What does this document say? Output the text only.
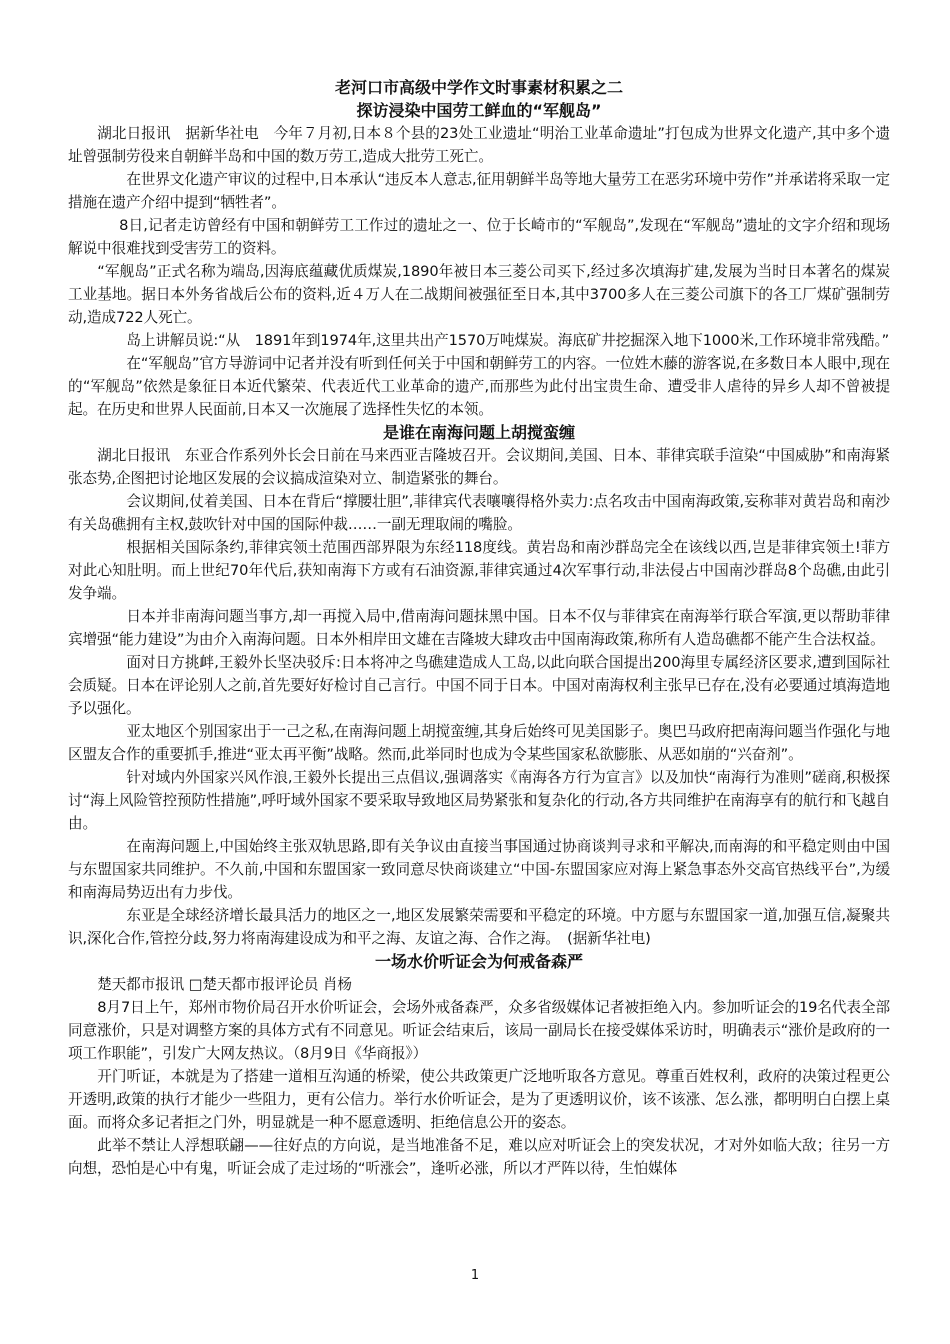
老河口市高级中学作文时事素材积累之二

探访浸染中国劳工鲜血的“军舰岛”

湖北日报讯　据新华社电　今年７月初,日本８个县的23处工业遗址“明治工业革命遗址”打包成为世界文化遗产,其中多个遗址曾强制劳役来自朝鲜半岛和中国的数万劳工,造成大批劳工死亡。

在世界文化遗产审议的过程中,日本承认“违反本人意志,征用朝鲜半岛等地大量劳工在恶劣环境中劳作”并承诺将采取一定措施在遗产介绍中提到“牺牲者”。

8日,记者走访曾经有中国和朝鲜劳工工作过的遗址之一、位于长崎市的“军舰岛”,发现在“军舰岛”遗址的文字介绍和现场解说中很难找到受害劳工的资料。

“军舰岛”正式名称为端岛,因海底蕴藏优质煤炭,1890年被日本三菱公司买下,经过多次填海扩建,发展为当时日本著名的煤炭工业基地。据日本外务省战后公布的资料,近４万人在二战期间被强征至日本,其中3700多人在三菱公司旗下的各工厂煤矿强制劳动,造成722人死亡。

岛上讲解员说:“从　1891年到1974年,这里共出产1570万吨煤炭。海底矿井挖掘深入地下1000米,工作环境非常残酷。”

在“军舰岛”官方导游词中记者并没有听到任何关于中国和朝鲜劳工的内容。一位姓木藤的游客说,在多数日本人眼中,现在的“军舰岛”依然是象征日本近代繁荣、代表近代工业革命的遗产,而那些为此付出宝贵生命、遭受非人虐待的异乡人却不曾被提起。在历史和世界人民面前,日本又一次施展了选择性失忆的本领。

是谁在南海问题上胡搅蛮缠

湖北日报讯　东亚合作系列外长会日前在马来西亚吉隆坡召开。会议期间,美国、日本、菲律宾联手渲染“中国威胁”和南海紧张态势,企图把讨论地区发展的会议搞成渲染对立、制造紧张的舞台。

会议期间,仗着美国、日本在背后“撑腰壮胆”,菲律宾代表嚷嚷得格外卖力:点名攻击中国南海政策,妄称菲对黄岩岛和南沙有关岛礁拥有主权,鼓吹针对中国的国际仲裁……一副无理取闹的嘴脸。

根据相关国际条约,菲律宾领土范围西部界限为东经118度线。黄岩岛和南沙群岛完全在该线以西,岂是菲律宾领土!菲方对此心知肚明。而上世纪70年代后,获知南海下方或有石油资源,菲律宾通过4次军事行动,非法侵占中国南沙群岛8个岛礁,由此引发争端。

日本并非南海问题当事方,却一再搅入局中,借南海问题抹黑中国。日本不仅与菲律宾在南海举行联合军演,更以帮助菲律宾增强“能力建设”为由介入南海问题。日本外相岸田文雄在吉隆坡大肆攻击中国南海政策,称所有人造岛礁都不能产生合法权益。

面对日方挑衅,王毅外长坚决驳斥:日本将冲之鸟礁建造成人工岛,以此向联合国提出200海里专属经济区要求,遭到国际社会质疑。日本在评论别人之前,首先要好好检讨自己言行。中国不同于日本。中国对南海权利主张早已存在,没有必要通过填海造地予以强化。

亚太地区个别国家出于一己之私,在南海问题上胡搅蛮缠,其身后始终可见美国影子。奥巴马政府把南海问题当作强化与地区盟友合作的重要抓手,推进“亚太再平衡”战略。然而,此举同时也成为令某些国家私欲膨胀、从恶如崩的“兴奋剂”。

针对域内外国家兴风作浪,王毅外长提出三点倡议,强调落实《南海各方行为宣言》以及加快“南海行为准则”磋商,积极探讨“海上风险管控预防性措施”,呼吁域外国家不要采取导致地区局势紧张和复杂化的行动,各方共同维护在南海享有的航行和飞越自由。

在南海问题上,中国始终主张双轨思路,即有关争议由直接当事国通过协商谈判寻求和平解决,而南海的和平稳定则由中国与东盟国家共同维护。不久前,中国和东盟国家一致同意尽快商谈建立“中国-东盟国家应对海上紧急事态外交高官热线平台”,为缓和南海局势迈出有力步伐。

东亚是全球经济增长最具活力的地区之一,地区发展繁荣需要和平稳定的环境。中方愿与东盟国家一道,加强互信,凝聚共识,深化合作,管控分歧,努力将南海建设成为和平之海、友谊之海、合作之海。　(据新华社电)

一场水价听证会为何戒备森严

楚天都市报讯 □楚天都市报评论员 肖杨

8月7日上午，郑州市物价局召开水价听证会，会场外戒备森严，众多省级媒体记者被拒绝入内。参加听证会的19名代表全部同意涨价，只是对调整方案的具体方式有不同意见。听证会结束后，该局一副局长在接受媒体采访时，明确表示“涨价是政府的一项工作职能”，引发广大网友热议。（8月9日《华商报》）

开门听证，本就是为了搭建一道相互沟通的桥梁，使公共政策更广泛地听取各方意见。尊重百姓权利，政府的决策过程更公开透明,政策的执行才能少一些阻力，更有公信力。举行水价听证会，是为了更透明议价，该不该涨、怎么涨，都明明白白摆上桌面。而将众多记者拒之门外，明显就是一种不愿意透明、拒绝信息公开的姿态。

此举不禁让人浮想联翩——往好点的方向说，是当地准备不足，难以应对听证会上的突发状况，才对外如临大敌；往另一方向想，恐怕是心中有鬼，听证会成了走过场的“听涨会”，逢听必涨，所以才严阵以待，生怕媒体

1
